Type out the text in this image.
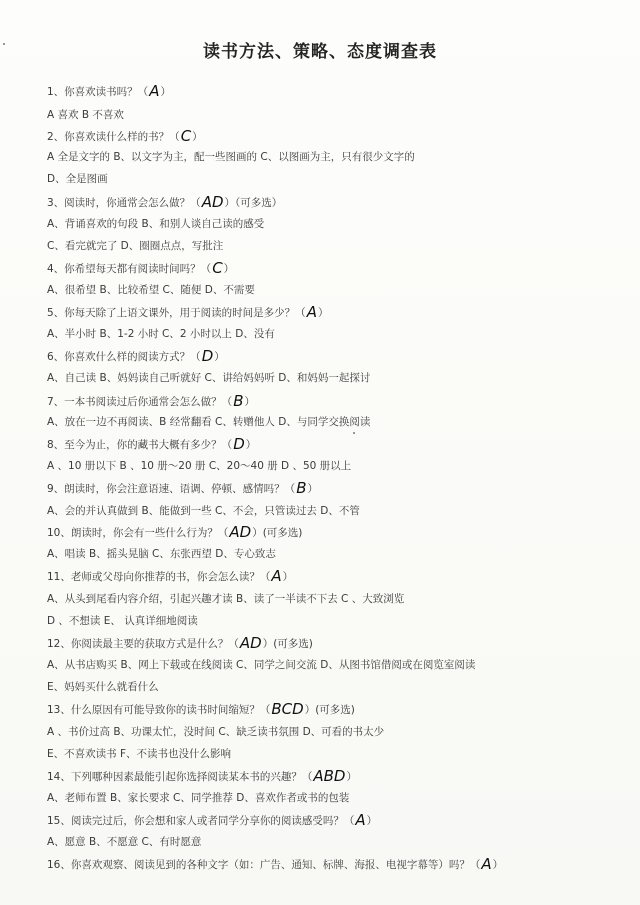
读书方法、策略、态度调查表
1、你喜欢读书吗？（A）
A 喜欢 B 不喜欢
2、你喜欢读什么样的书？（C）
A 全是文字的 B、以文字为主，配一些图画的 C、以图画为主，只有很少文字的
D、全是图画
3、阅读时，你通常会怎么做？（AD）（可多选）
A、背诵喜欢的句段 B、和别人谈自己读的感受
C、看完就完了 D、圈圈点点，写批注
4、你希望每天都有阅读时间吗？（C）
A、很希望 B、比较希望 C、随便 D、不需要
5、你每天除了上语文课外，用于阅读的时间是多少？（A）
A、半小时 B、1-2 小时 C、2 小时以上 D、没有
6、你喜欢什么样的阅读方式？（D）
A、自己读 B、妈妈读自己听就好 C、讲给妈妈听 D、和妈妈一起探讨
7、一本书阅读过后你通常会怎么做？（B）
A、放在一边不再阅读、B 经常翻看 C、转赠他人 D、与同学交换阅读
8、至今为止，你的藏书大概有多少？（D）
A 、10 册以下 B 、10 册～20 册 C、20～40 册 D 、50 册以上
9、朗读时，你会注意语速、语调、停顿、感情吗？（B）
A、会的并认真做到 B、能做到一些 C、不会，只管读过去 D、不管
10、朗读时，你会有一些什么行为？（AD）(可多选)
A、唱读 B、摇头晃脑 C、东张西望 D、专心致志
11、老师或父母向你推荐的书，你会怎么读？（A）
A、从头到尾看内容介绍，引起兴趣才读 B、读了一半读不下去 C 、大致浏览
D 、不想读 E、 认真详细地阅读
12、你阅读最主要的获取方式是什么？（AD）(可多选)
A、从书店购买 B、网上下载或在线阅读 C、同学之间交流 D、从图书馆借阅或在阅览室阅读
E、妈妈买什么就看什么
13、什么原因有可能导致你的读书时间缩短？（BCD）(可多选)
A 、书价过高 B、功课太忙，没时间 C、缺乏读书氛围 D、可看的书太少
E、不喜欢读书 F、不读书也没什么影响
14、下列哪种因素最能引起你选择阅读某本书的兴趣？（ABD）
A、老师布置 B、家长要求 C、同学推荐 D、喜欢作者或书的包装
15、阅读完过后，你会想和家人或者同学分享你的阅读感受吗？（A）
A、愿意 B、不愿意 C、有时愿意
16、你喜欢观察、阅读见到的各种文字（如：广告、通知、标牌、海报、电视字幕等）吗？（A）
